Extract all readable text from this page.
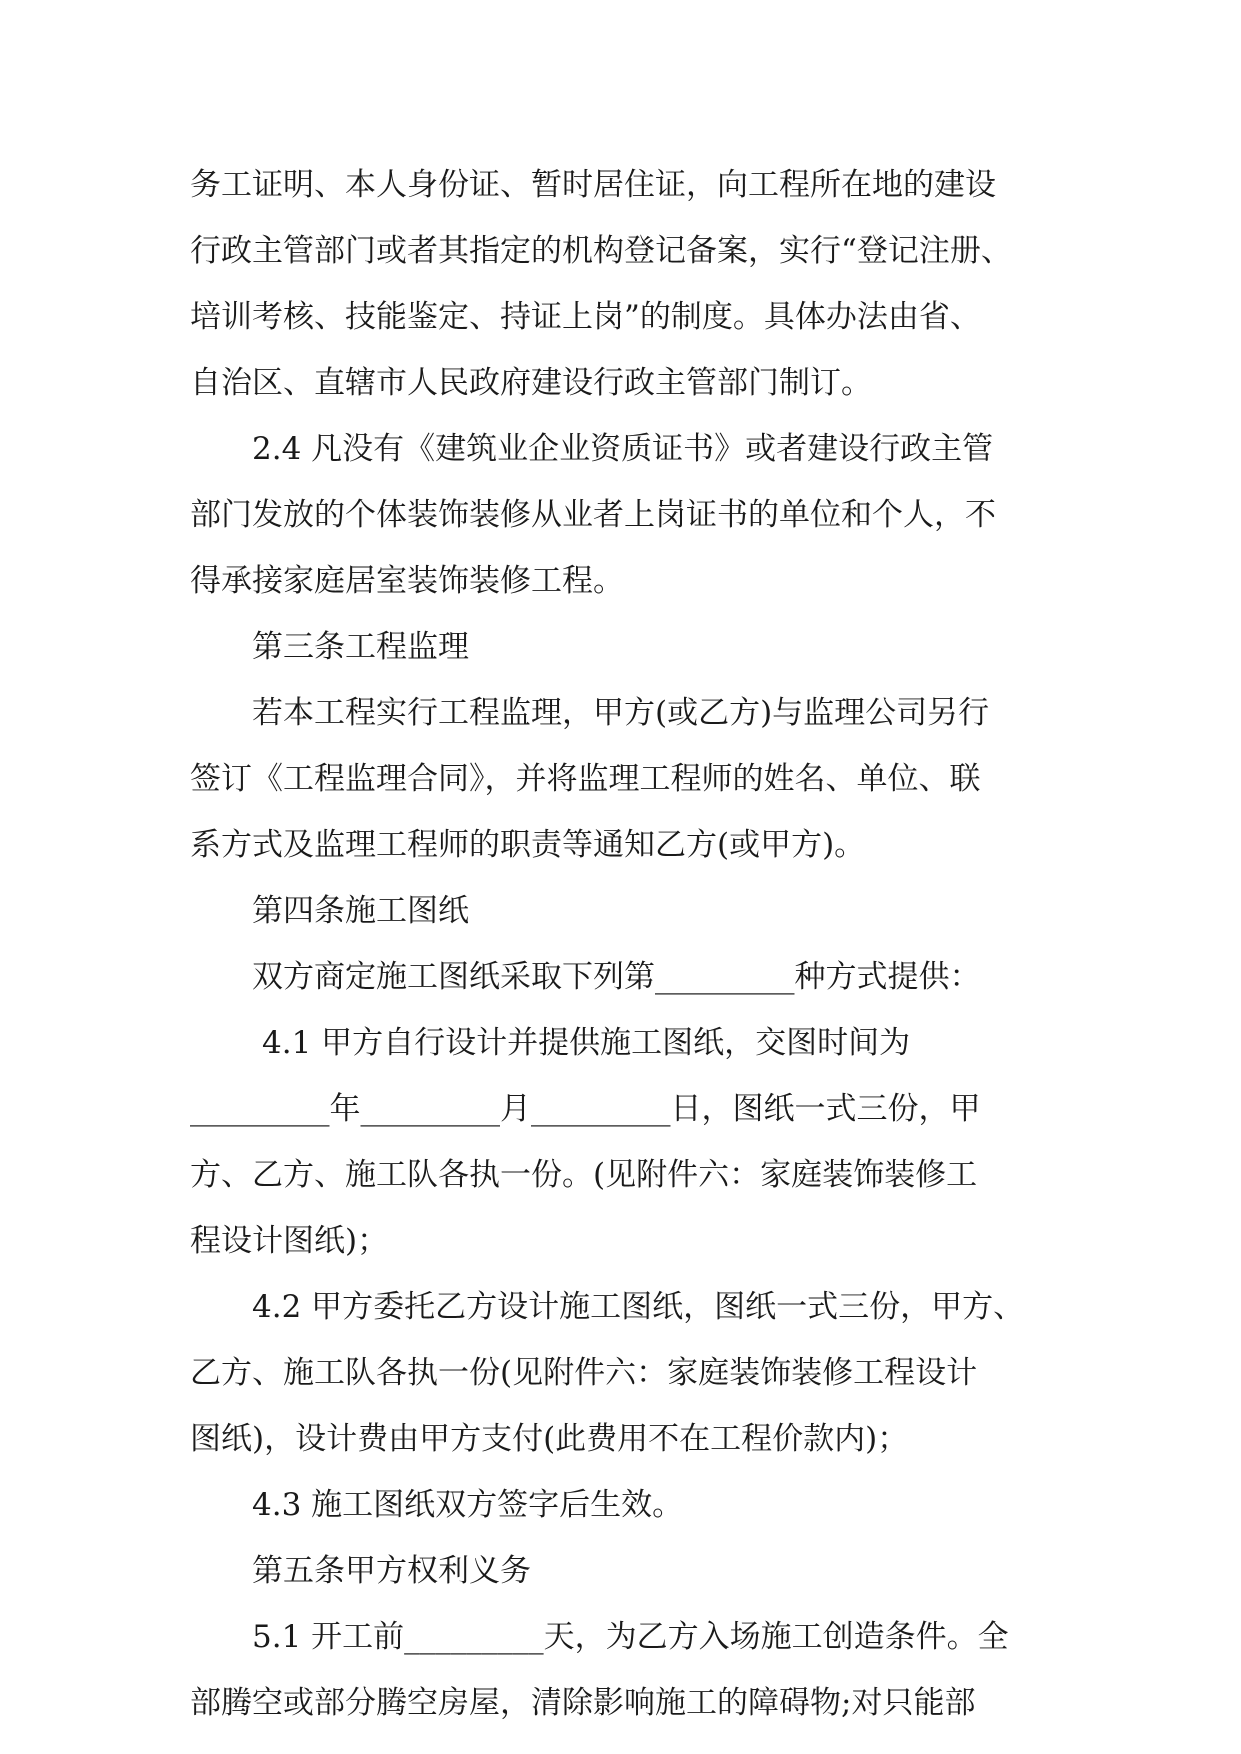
务工证明、本人身份证、暂时居住证，向工程所在地的建设

行政主管部门或者其指定的机构登记备案，实行“登记注册、

培训考核、技能鉴定、持证上岗”的制度。具体办法由省、

自治区、直辖市人民政府建设行政主管部门制订。

2.4 凡没有《建筑业企业资质证书》或者建设行政主管

部门发放的个体装饰装修从业者上岗证书的单位和个人，不

得承接家庭居室装饰装修工程。

第三条工程监理

若本工程实行工程监理，甲方(或乙方)与监理公司另行

签订《工程监理合同》，并将监理工程师的姓名、单位、联

系方式及监理工程师的职责等通知乙方(或甲方)。

第四条施工图纸

双方商定施工图纸采取下列第_________种方式提供：

4.1 甲方自行设计并提供施工图纸，交图时间为

_________年_________月_________日，图纸一式三份，甲

方、乙方、施工队各执一份。(见附件六：家庭装饰装修工

程设计图纸)；

4.2 甲方委托乙方设计施工图纸，图纸一式三份，甲方、

乙方、施工队各执一份(见附件六：家庭装饰装修工程设计

图纸)，设计费由甲方支付(此费用不在工程价款内)；

4.3 施工图纸双方签字后生效。

第五条甲方权利义务

5.1 开工前_________天，为乙方入场施工创造条件。全

部腾空或部分腾空房屋，清除影响施工的障碍物;对只能部
